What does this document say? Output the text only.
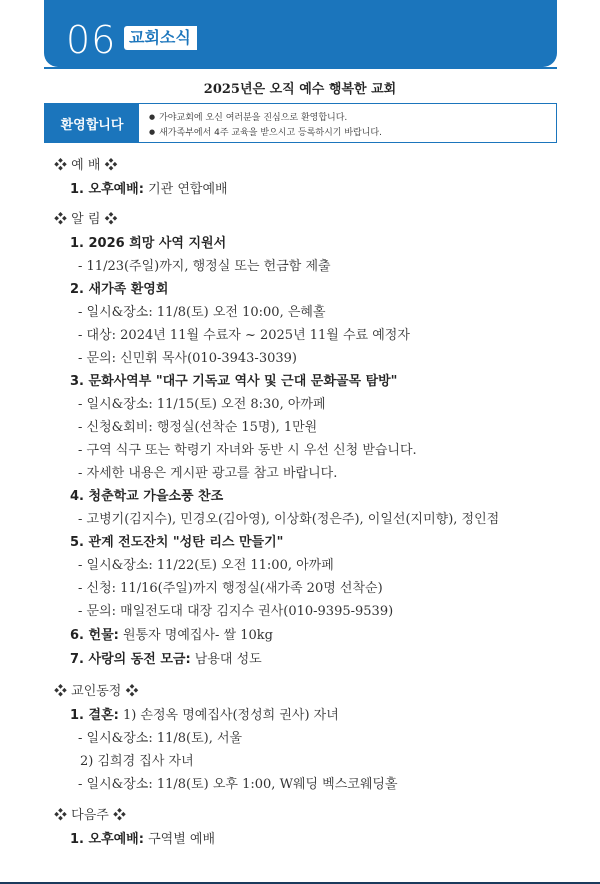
06 교회소식
2025년은 오직 예수 행복한 교회
환영합니다
●	가야교회에 오신 여러분을 진심으로 환영합니다.
● 새가족부에서 4주 교육을 받으시고 등록하시기 바랍니다.
❖ 예 배 ❖
1. 오후예배: 기관 연합예배
❖ 알 림 ❖
1. 2026 희망 사역 지원서
- 11/23(주일)까지, 행정실 또는 헌금함 제출
2. 새가족 환영회
- 일시&장소: 11/8(토) 오전 10:00, 은혜홀
- 대상: 2024년 11월 수료자 ~ 2025년 11월 수료 예정자
- 문의: 신민휘 목사(010-3943-3039)
3. 문화사역부 "대구 기독교 역사 및 근대 문화골목 탐방"
- 일시&장소: 11/15(토) 오전 8:30, 아까페
- 신청&회비: 행정실(선착순 15명), 1만원
- 구역 식구 또는 학령기 자녀와 동반 시 우선 신청 받습니다.
- 자세한 내용은 게시판 광고를 참고 바랍니다.
4. 청춘학교 가을소풍 찬조
- 고병기(김지수), 민경오(김아영), 이상화(정은주), 이일선(지미향), 정인점
5. 관계 전도잔치 "성탄 리스 만들기"
- 일시&장소: 11/22(토) 오전 11:00, 아까페
- 신청: 11/16(주일)까지 행정실(새가족 20명 선착순)
- 문의: 매일전도대 대장 김지수 권사(010-9395-9539)
6. 헌물: 원통자 명예집사- 쌀 10kg
7. 사랑의 동전 모금: 남용대 성도
❖ 교인동정 ❖
1. 결혼: 1) 손정옥 명예집사(정성희 권사) 자녀
- 일시&장소: 11/8(토), 서울
2) 김희경 집사 자녀
- 일시&장소: 11/8(토) 오후 1:00, W웨딩 벡스코웨딩홀
❖ 다음주 ❖
1. 오후예배: 구역별 예배
